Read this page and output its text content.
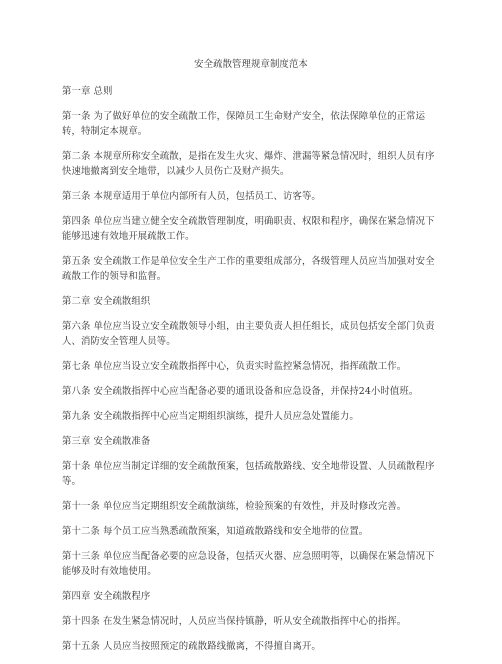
安全疏散管理规章制度范本

第一章 总则

第一条 为了做好单位的安全疏散工作，保障员工生命财产安全，依法保障单位的正常运转，特制定本规章。

第二条 本规章所称安全疏散，是指在发生火灾、爆炸、泄漏等紧急情况时，组织人员有序快速地撤离到安全地带，以减少人员伤亡及财产损失。

第三条 本规章适用于单位内部所有人员，包括员工、访客等。

第四条 单位应当建立健全安全疏散管理制度，明确职责、权限和程序，确保在紧急情况下能够迅速有效地开展疏散工作。

第五条 安全疏散工作是单位安全生产工作的重要组成部分，各级管理人员应当加强对安全疏散工作的领导和监督。

第二章 安全疏散组织

第六条 单位应当设立安全疏散领导小组，由主要负责人担任组长，成员包括安全部门负责人、消防安全管理人员等。

第七条 单位应当设立安全疏散指挥中心，负责实时监控紧急情况，指挥疏散工作。

第八条 安全疏散指挥中心应当配备必要的通讯设备和应急设备，并保持24小时值班。

第九条 安全疏散指挥中心应当定期组织演练，提升人员应急处置能力。

第三章 安全疏散准备

第十条 单位应当制定详细的安全疏散预案，包括疏散路线、安全地带设置、人员疏散程序等。

第十一条 单位应当定期组织安全疏散演练，检验预案的有效性，并及时修改完善。

第十二条 每个员工应当熟悉疏散预案，知道疏散路线和安全地带的位置。

第十三条 单位应当配备必要的应急设备，包括灭火器、应急照明等，以确保在紧急情况下能够及时有效地使用。

第四章 安全疏散程序

第十四条 在发生紧急情况时，人员应当保持镇静，听从安全疏散指挥中心的指挥。

第十五条 人员应当按照预定的疏散路线撤离，不得擅自离开。
